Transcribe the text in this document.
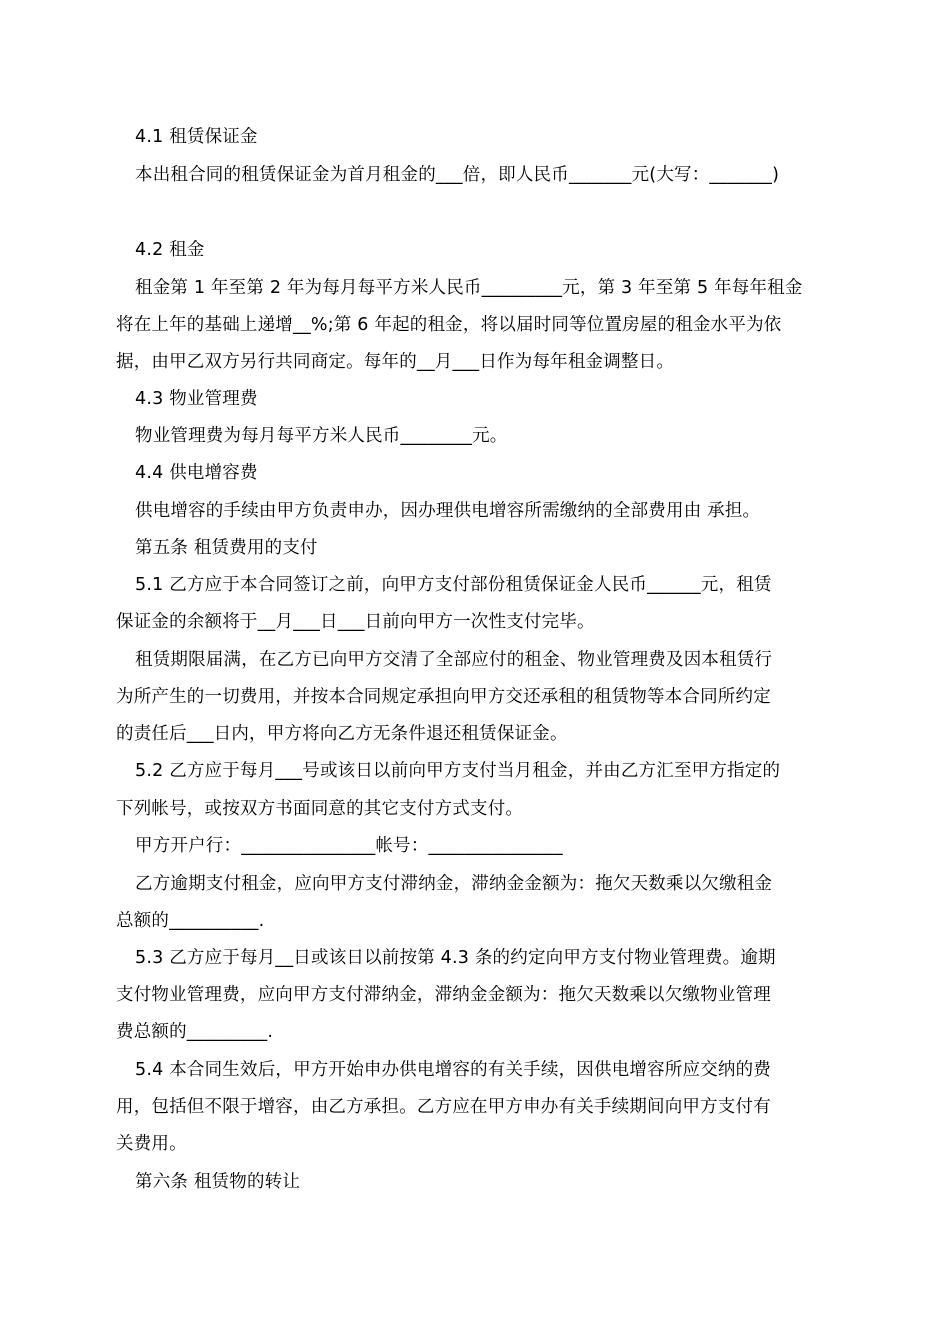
4.1 租赁保证金
本出租合同的租赁保证金为首月租金的___倍，即人民币_______元(大写：_______)
4.2 租金
租金第 1 年至第 2 年为每月每平方米人民币_________元，第 3 年至第 5 年每年租金
将在上年的基础上递增__%;第 6 年起的租金，将以届时同等位置房屋的租金水平为依
据，由甲乙双方另行共同商定。每年的__月___日作为每年租金调整日。
4.3 物业管理费
物业管理费为每月每平方米人民币________元。
4.4 供电增容费
供电增容的手续由甲方负责申办，因办理供电增容所需缴纳的全部费用由 承担。
第五条 租赁费用的支付
5.1 乙方应于本合同签订之前，向甲方支付部份租赁保证金人民币______元，租赁
保证金的余额将于__月___日___日前向甲方一次性支付完毕。
租赁期限届满，在乙方已向甲方交清了全部应付的租金、物业管理费及因本租赁行
为所产生的一切费用，并按本合同规定承担向甲方交还承租的租赁物等本合同所约定
的责任后___日内，甲方将向乙方无条件退还租赁保证金。
5.2 乙方应于每月___号或该日以前向甲方支付当月租金，并由乙方汇至甲方指定的
下列帐号，或按双方书面同意的其它支付方式支付。
甲方开户行：_______________帐号：_______________
乙方逾期支付租金，应向甲方支付滞纳金，滞纳金金额为：拖欠天数乘以欠缴租金
总额的__________.
5.3 乙方应于每月__日或该日以前按第 4.3 条的约定向甲方支付物业管理费。逾期
支付物业管理费，应向甲方支付滞纳金，滞纳金金额为：拖欠天数乘以欠缴物业管理
费总额的_________.
5.4 本合同生效后，甲方开始申办供电增容的有关手续，因供电增容所应交纳的费
用，包括但不限于增容，由乙方承担。乙方应在甲方申办有关手续期间向甲方支付有
关费用。
第六条 租赁物的转让
